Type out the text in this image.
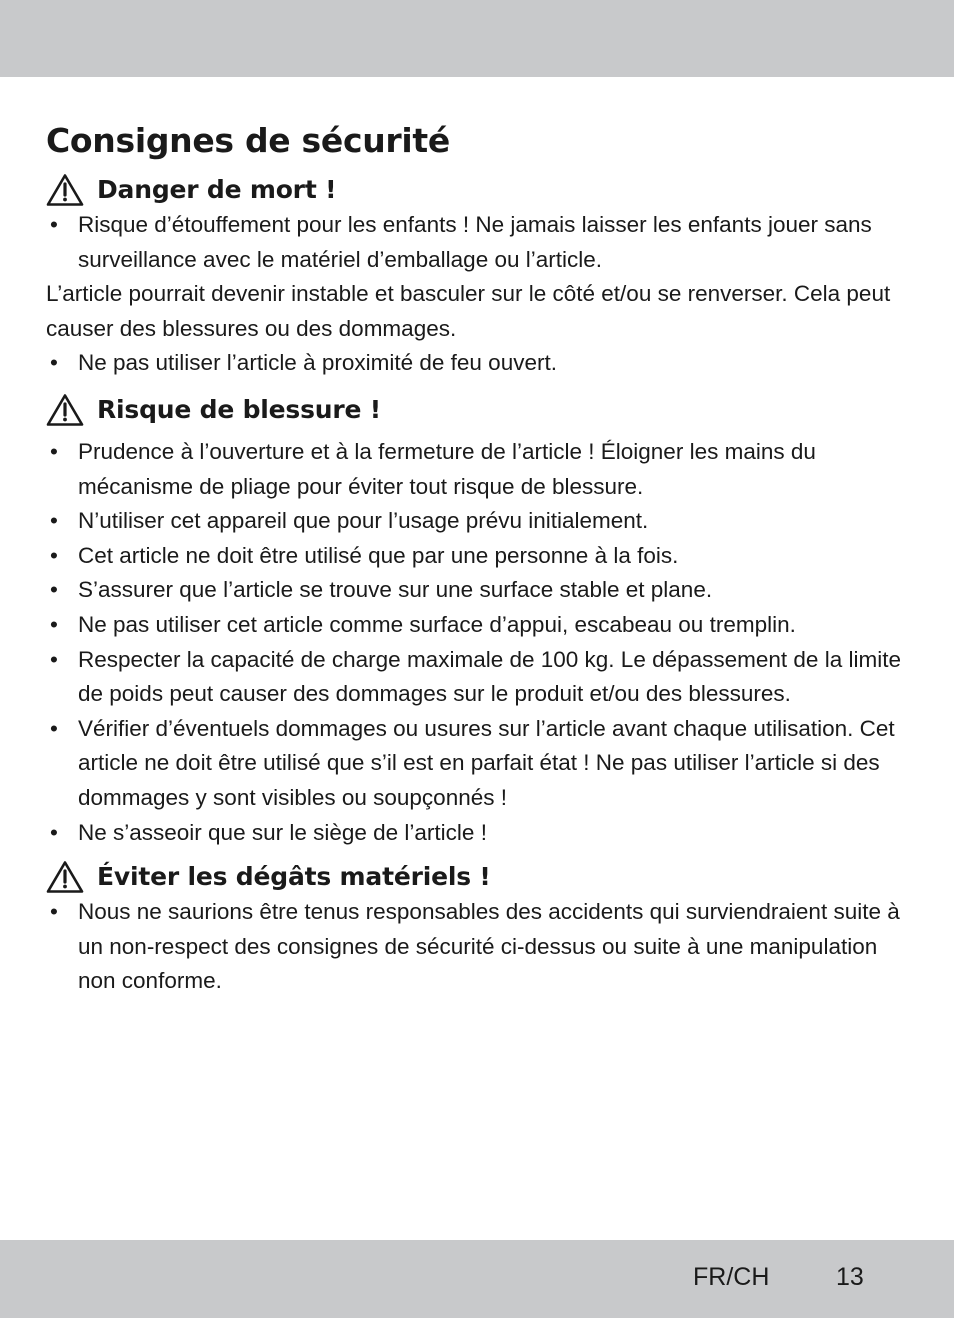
Consignes de sécurité
Danger de mort !
• Risque d’étouffement pour les enfants ! Ne jamais laisser les enfants jouer sans surveillance avec le matériel d’emballage ou l’article.
L’article pourrait devenir instable et basculer sur le côté et/ou se renverser. Cela peut causer des blessures ou des dommages.
• Ne pas utiliser l’article à proximité de feu ouvert.
Risque de blessure !
• Prudence à l’ouverture et à la fermeture de l’article ! Éloigner les mains du mécanisme de pliage pour éviter tout risque de blessure.
• N’utiliser cet appareil que pour l’usage prévu initialement.
• Cet article ne doit être utilisé que par une personne à la fois.
• S’assurer que l’article se trouve sur une surface stable et plane.
• Ne pas utiliser cet article comme surface d’appui, escabeau ou tremplin.
• Respecter la capacité de charge maximale de 100 kg. Le dépassement de la limite de poids peut causer des dommages sur le produit et/ou des blessures.
• Vérifier d’éventuels dommages ou usures sur l’article avant chaque utilisation. Cet article ne doit être utilisé que s’il est en parfait état ! Ne pas utiliser l’article si des dommages y sont visibles ou soupçonnés !
• Ne s’asseoir que sur le siège de l’article !
Éviter les dégâts matériels !
• Nous ne saurions être tenus responsables des accidents qui surviendraient suite à un non-respect des consignes de sécurité ci-dessus ou suite à une manipulation non conforme.
FR/CH	13
